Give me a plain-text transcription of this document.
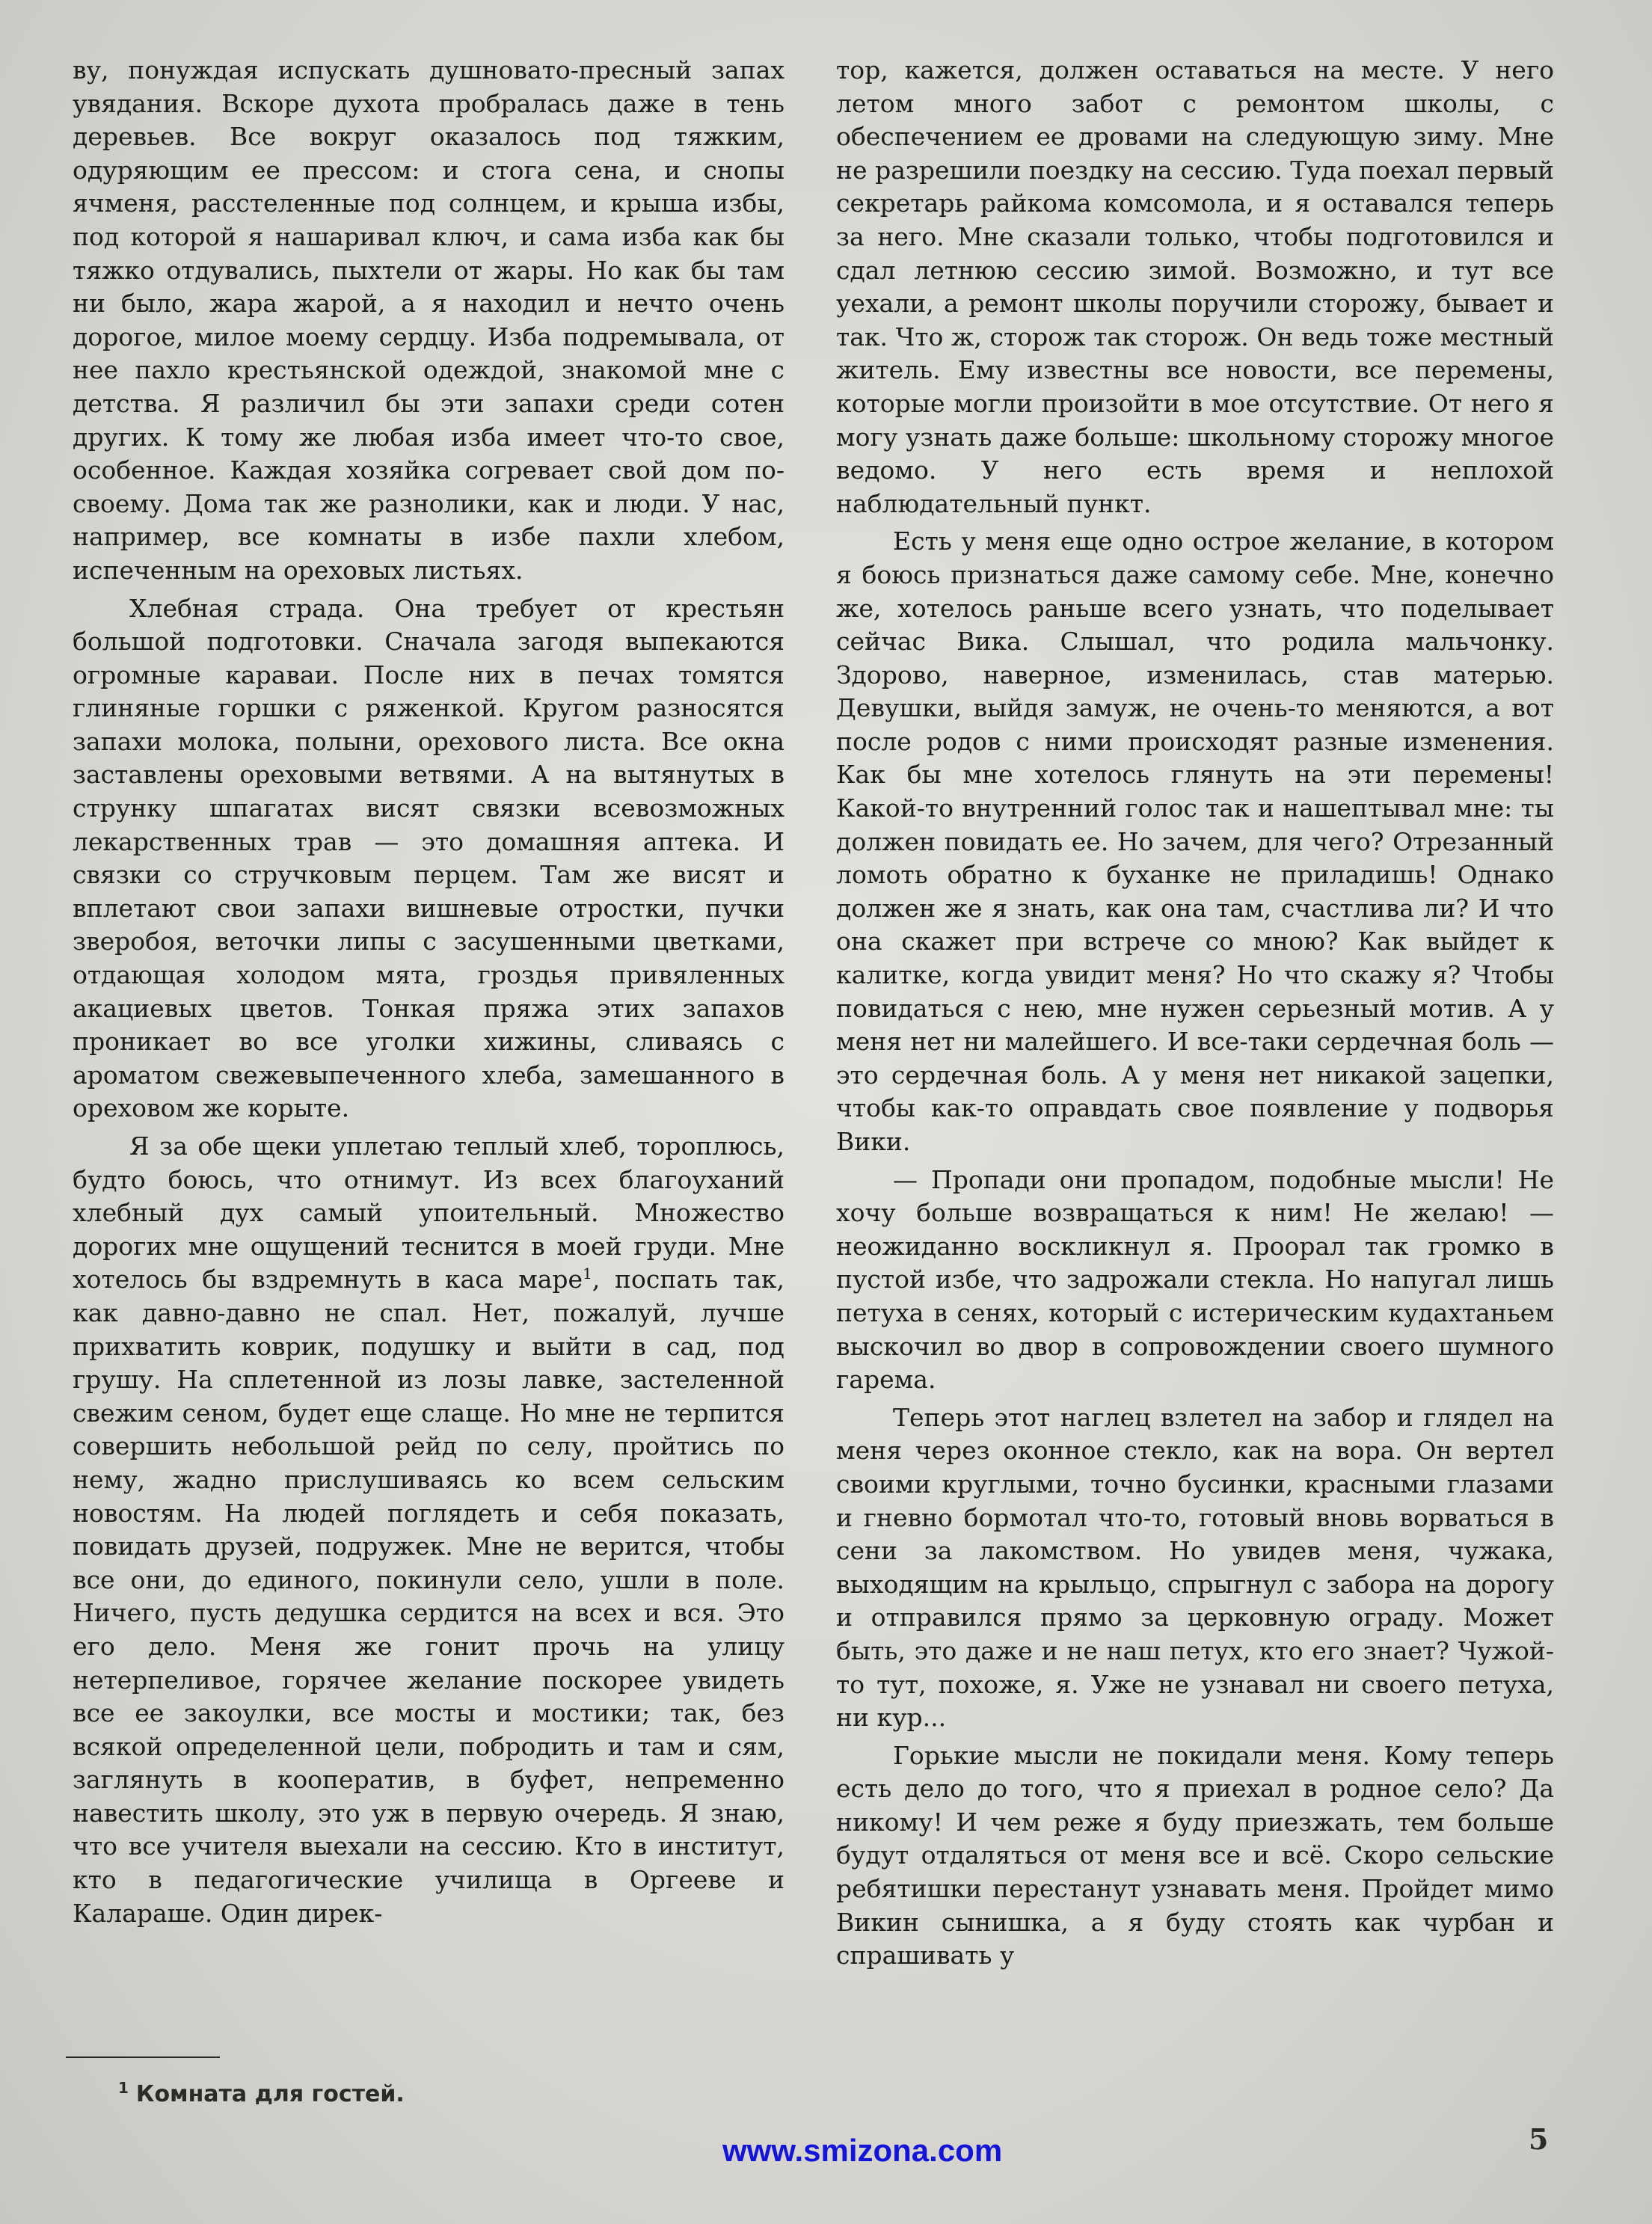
ву, понуждая испускать душновато-пресный запах увядания. Вскоре духота пробралась даже в тень деревьев. Все вокруг оказалось под тяжким, одуряющим ее прессом: и стога сена, и снопы ячменя, расстеленные под солнцем, и крыша избы, под которой я нашаривал ключ, и сама изба как бы тяжко отдувались, пыхтели от жары. Но как бы там ни было, жара жарой, а я находил и нечто очень дорогое, милое моему сердцу. Изба подремывала, от нее пахло крестьянской одеждой, знакомой мне с детства. Я различил бы эти запахи среди сотен других. К тому же любая изба имеет что-то свое, особенное. Каждая хозяйка согревает свой дом по-своему. Дома так же разнолики, как и люди. У нас, например, все комнаты в избе пахли хлебом, испеченным на ореховых листьях.

Хлебная страда. Она требует от крестьян большой подготовки. Сначала загодя выпекаются огромные караваи. После них в печах томятся глиняные горшки с ряженкой. Кругом разносятся запахи молока, полыни, орехового листа. Все окна заставлены ореховыми ветвями. А на вытянутых в струнку шпагатах висят связки всевозможных лекарственных трав — это домашняя аптека. И связки со стручковым перцем. Там же висят и вплетают свои запахи вишневые отростки, пучки зверобоя, веточки липы с засушенными цветками, отдающая холодом мята, гроздья привяленных акациевых цветов. Тонкая пряжа этих запахов проникает во все уголки хижины, сливаясь с ароматом свежевыпеченного хлеба, замешанного в ореховом же корыте.

Я за обе щеки уплетаю теплый хлеб, тороплюсь, будто боюсь, что отнимут. Из всех благоуханий хлебный дух самый упоительный. Множество дорогих мне ощущений теснится в моей груди. Мне хотелось бы вздремнуть в каса маре$^1$, поспать так, как давно-давно не спал. Нет, пожалуй, лучше прихватить коврик, подушку и выйти в сад, под грушу. На сплетенной из лозы лавке, застеленной свежим сеном, будет еще слаще. Но мне не терпится совершить небольшой рейд по селу, пройтись по нему, жадно прислушиваясь ко всем сельским новостям. На людей поглядеть и себя показать, повидать друзей, подружек. Мне не верится, чтобы все они, до единого, покинули село, ушли в поле. Ничего, пусть дедушка сердится на всех и вся. Это его дело. Меня же гонит прочь на улицу нетерпеливое, горячее желание поскорее увидеть все ее закоулки, все мосты и мостики; так, без всякой определенной цели, побродить и там и сям, заглянуть в кооператив, в буфет, непременно навестить школу, это уж в первую очередь. Я знаю, что все учителя выехали на сессию. Кто в институт, кто в педагогические училища в Оргееве и Калараше. Один дирек-

тор, кажется, должен оставаться на месте. У него летом много забот с ремонтом школы, с обеспечением ее дровами на следующую зиму. Мне не разрешили поездку на сессию. Туда поехал первый секретарь райкома комсомола, и я оставался теперь за него. Мне сказали только, чтобы подготовился и сдал летнюю сессию зимой. Возможно, и тут все уехали, а ремонт школы поручили сторожу, бывает и так. Что ж, сторож так сторож. Он ведь тоже местный житель. Ему известны все новости, все перемены, которые могли произойти в мое отсутствие. От него я могу узнать даже больше: школьному сторожу многое ведомо. У него есть время и неплохой наблюдательный пункт.

Есть у меня еще одно острое желание, в котором я боюсь признаться даже самому себе. Мне, конечно же, хотелось раньше всего узнать, что поделывает сейчас Вика. Слышал, что родила мальчонку. Здорово, наверное, изменилась, став матерью. Девушки, выйдя замуж, не очень-то меняются, а вот после родов с ними происходят разные изменения. Как бы мне хотелось глянуть на эти перемены! Какой-то внутренний голос так и нашептывал мне: ты должен повидать ее. Но зачем, для чего? Отрезанный ломоть обратно к буханке не приладишь! Однако должен же я знать, как она там, счастлива ли? И что она скажет при встрече со мною? Как выйдет к калитке, когда увидит меня? Но что скажу я? Чтобы повидаться с нею, мне нужен серьезный мотив. А у меня нет ни малейшего. И все-таки сердечная боль — это сердечная боль. А у меня нет никакой зацепки, чтобы как-то оправдать свое появление у подворья Вики.

— Пропади они пропадом, подобные мысли! Не хочу больше возвращаться к ним! Не желаю! — неожиданно воскликнул я. Проорал так громко в пустой избе, что задрожали стекла. Но напугал лишь петуха в сенях, который с истерическим кудахтаньем выскочил во двор в сопровождении своего шумного гарема.

Теперь этот наглец взлетел на забор и глядел на меня через оконное стекло, как на вора. Он вертел своими круглыми, точно бусинки, красными глазами и гневно бормотал что-то, готовый вновь ворваться в сени за лакомством. Но увидев меня, чужака, выходящим на крыльцо, спрыгнул с забора на дорогу и отправился прямо за церковную ограду. Может быть, это даже и не наш петух, кто его знает? Чужой-то тут, похоже, я. Уже не узнавал ни своего петуха, ни кур...

Горькие мысли не покидали меня. Кому теперь есть дело до того, что я приехал в родное село? Да никому! И чем реже я буду приезжать, тем больше будут отдаляться от меня все и всё. Скоро сельские ребятишки перестанут узнавать меня. Пройдет мимо Викин сынишка, а я буду стоять как чурбан и спрашивать у

$^1$ Комната для гостей.
www.smizona.com	5
